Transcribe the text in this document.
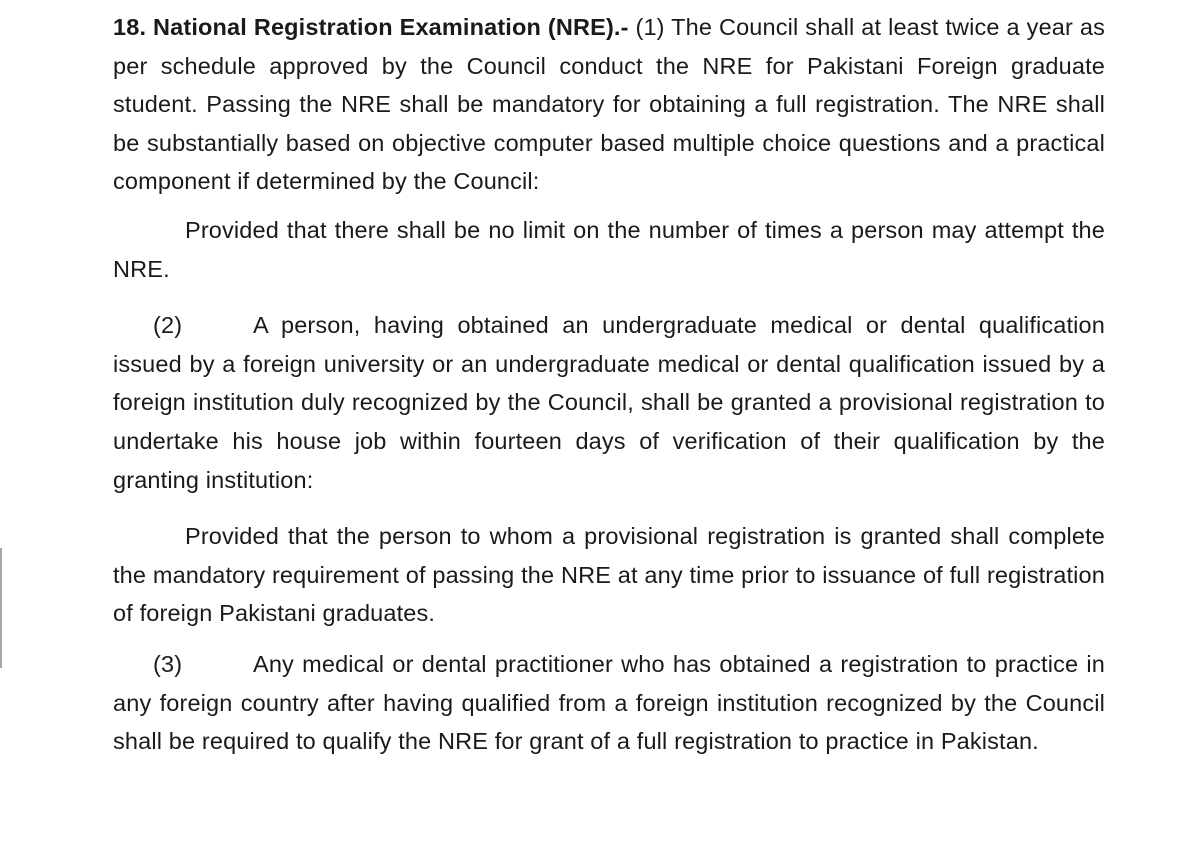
18. National Registration Examination (NRE).- (1) The Council shall at least twice a year as per schedule approved by the Council conduct the NRE for Pakistani Foreign graduate student. Passing the NRE shall be mandatory for obtaining a full registration. The NRE shall be substantially based on objective computer based multiple choice questions and a practical component if determined by the Council:

Provided that there shall be no limit on the number of times a person may attempt the NRE.

(2)	A person, having obtained an undergraduate medical or dental qualification issued by a foreign university or an undergraduate medical or dental qualification issued by a foreign institution duly recognized by the Council, shall be granted a provisional registration to undertake his house job within fourteen days of verification of their qualification by the granting institution:

Provided that the person to whom a provisional registration is granted shall complete the mandatory requirement of passing the NRE at any time prior to issuance of full registration of foreign Pakistani graduates.

(3)	Any medical or dental practitioner who has obtained a registration to practice in any foreign country after having qualified from a foreign institution recognized by the Council shall be required to qualify the NRE for grant of a full registration to practice in Pakistan.
